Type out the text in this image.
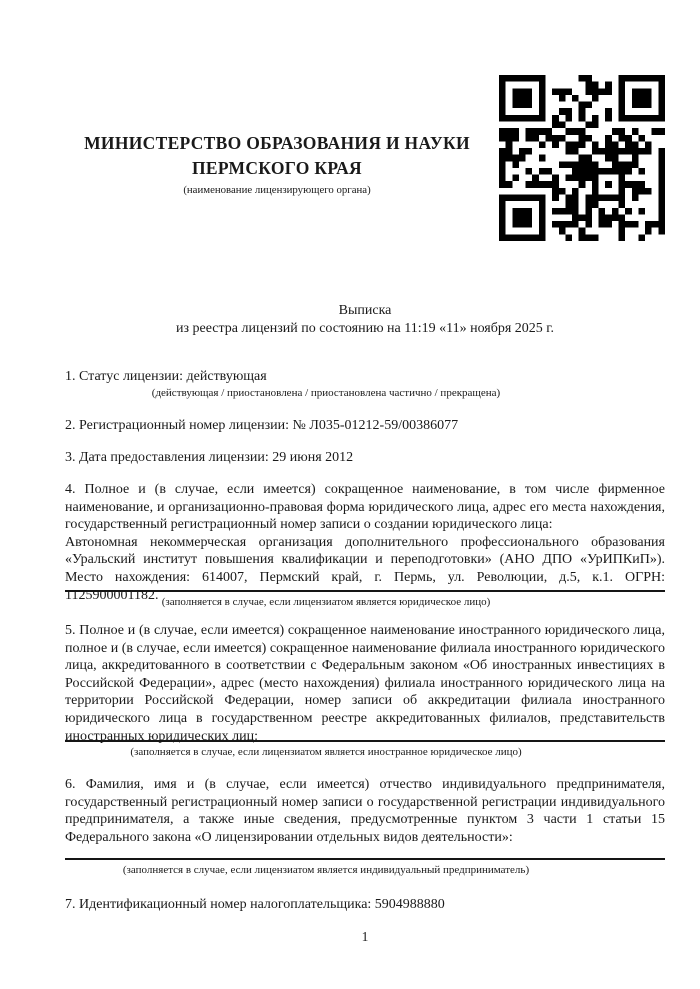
МИНИСТЕРСТВО ОБРАЗОВАНИЯ И НАУКИ
ПЕРМСКОГО КРАЯ
(наименование лицензирующего органа)
Выписка
из реестра лицензий по состоянию на 11:19 «11» ноября 2025 г.
1. Статус лицензии: действующая
(действующая / приостановлена / приостановлена частично / прекращена)
2. Регистрационный номер лицензии: № Л035-01212-59/00386077
3. Дата предоставления лицензии: 29 июня 2012
4. Полное и (в случае, если имеется) сокращенное наименование, в том числе фирменное наименование, и организационно-правовая форма юридического лица, адрес его места нахождения, государственный регистрационный номер записи о создании юридического лица:
Автономная некоммерческая организация дополнительного профессионального образования «Уральский институт повышения квалификации и переподготовки» (АНО ДПО «УрИПКиП»). Место нахождения: 614007, Пермский край, г. Пермь, ул. Революции, д.5, к.1. ОГРН: 1125900001182. (заполняется в случае, если лицензиатом является юридическое лицо)
5. Полное и (в случае, если имеется) сокращенное наименование иностранного юридического лица, полное и (в случае, если имеется) сокращенное наименование филиала иностранного юридического лица, аккредитованного в соответствии с Федеральным законом «Об иностранных инвестициях в Российской Федерации», адрес (место нахождения) филиала иностранного юридического лица на территории Российской Федерации, номер записи об аккредитации филиала иностранного юридического лица в государственном реестре аккредитованных филиалов, представительств иностранных юридических лиц:
(заполняется в случае, если лицензиатом является иностранное юридическое лицо)
6. Фамилия, имя и (в случае, если имеется) отчество индивидуального предпринимателя, государственный регистрационный номер записи о государственной регистрации индивидуального предпринимателя, а также иные сведения, предусмотренные пунктом 3 части 1 статьи 15 Федерального закона «О лицензировании отдельных видов деятельности»:
(заполняется в случае, если лицензиатом является индивидуальный предприниматель)
7. Идентификационный номер налогоплательщика: 5904988880
1
